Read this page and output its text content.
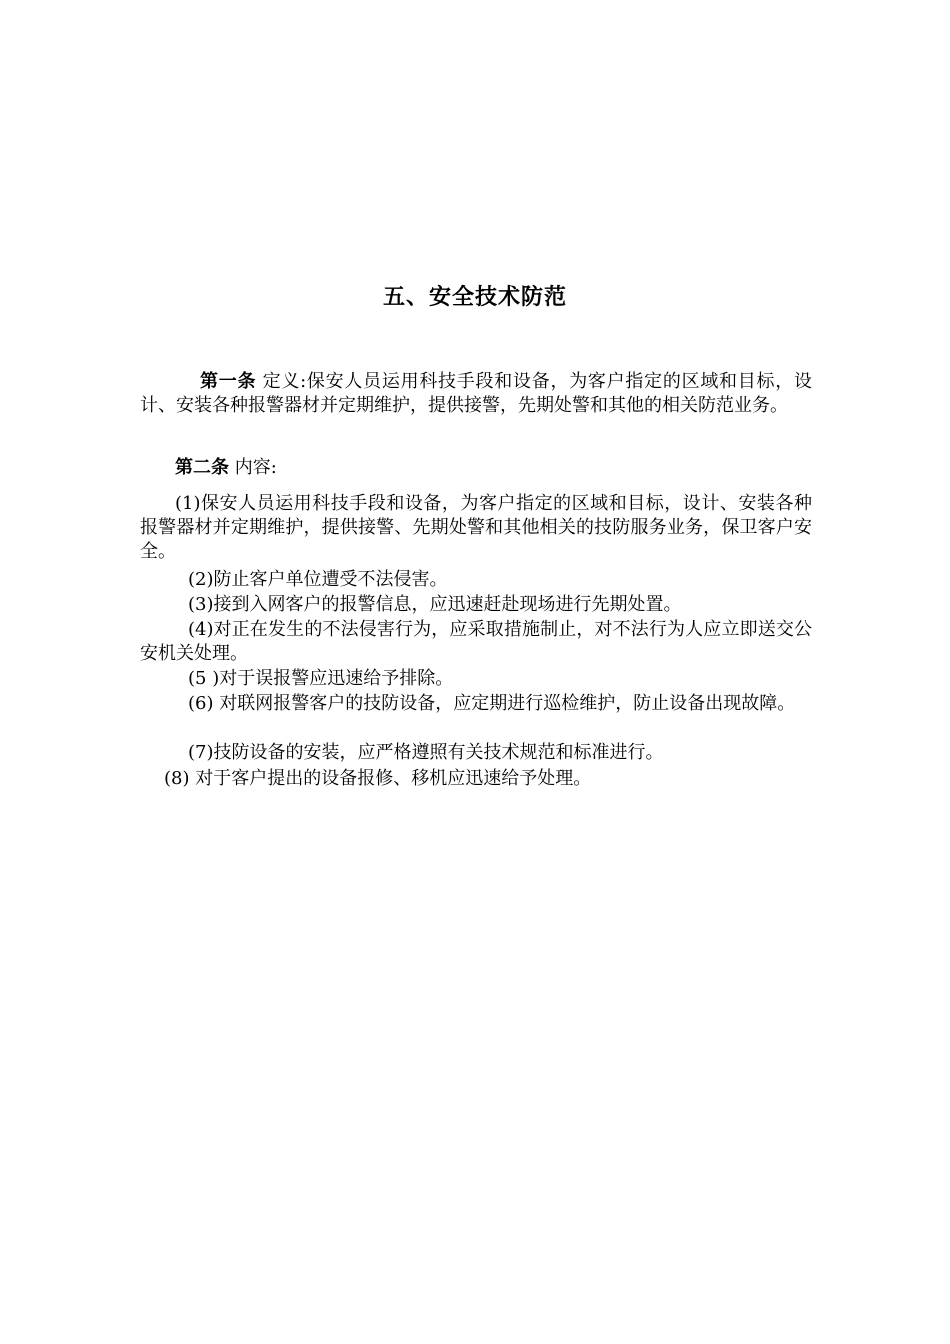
五、安全技术防范
第一条 定义:保安人员运用科技手段和设备，为客户指定的区域和目标，设计、安装各种报警器材并定期维护，提供接警，先期处警和其他的相关防范业务。
第二条 内容:
(1)保安人员运用科技手段和设备，为客户指定的区域和目标，设计、安装各种报警器材并定期维护，提供接警、先期处警和其他相关的技防服务业务，保卫客户安全。
(2)防止客户单位遭受不法侵害。
(3)接到入网客户的报警信息，应迅速赶赴现场进行先期处置。
(4)对正在发生的不法侵害行为，应采取措施制止，对不法行为人应立即送交公安机关处理。
(5 )对于误报警应迅速给予排除。
(6) 对联网报警客户的技防设备，应定期进行巡检维护，防止设备出现故障。
(7)技防设备的安装，应严格遵照有关技术规范和标准进行。
(8) 对于客户提出的设备报修、移机应迅速给予处理。
